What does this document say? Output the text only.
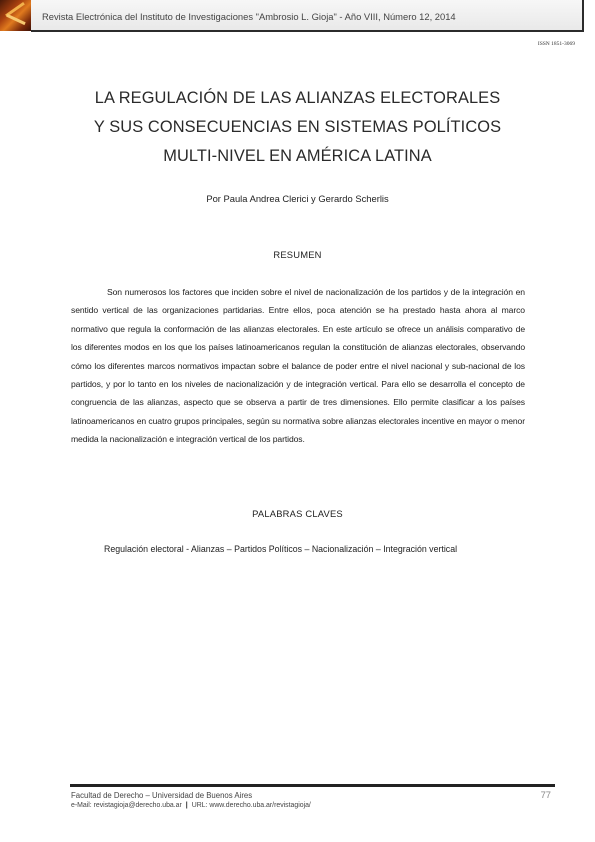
Revista Electrónica del Instituto de Investigaciones "Ambrosio L. Gioja" - Año VIII, Número 12, 2014
ISSN 1851-3069
LA REGULACIÓN DE LAS ALIANZAS ELECTORALES
Y SUS CONSECUENCIAS EN SISTEMAS POLÍTICOS
MULTI-NIVEL EN AMÉRICA LATINA
Por Paula Andrea Clerici y Gerardo Scherlis
RESUMEN

Son numerosos los factores que inciden sobre el nivel de nacionalización de los partidos y de la integración en sentido vertical de las organizaciones partidarias. Entre ellos, poca atención se ha prestado hasta ahora al marco normativo que regula la conformación de las alianzas electorales. En este artículo se ofrece un análisis comparativo de los diferentes modos en los que los países latinoamericanos regulan la constitución de alianzas electorales, observando cómo los diferentes marcos normativos impactan sobre el balance de poder entre el nivel nacional y sub-nacional de los partidos, y por lo tanto en los niveles de nacionalización y de integración vertical. Para ello se desarrolla el concepto de congruencia de las alianzas, aspecto que se observa a partir de tres dimensiones. Ello permite clasificar a los países latinoamericanos en cuatro grupos principales, según su normativa sobre alianzas electorales incentive en mayor o menor medida la nacionalización e integración vertical de los partidos.

PALABRAS CLAVES
Regulación electoral - Alianzas – Partidos Políticos – Nacionalización – Integración vertical
Facultad de Derecho – Universidad de Buenos Aires
e-Mail: revistagioja@derecho.uba.ar | URL: www.derecho.uba.ar/revistagioja/
77
